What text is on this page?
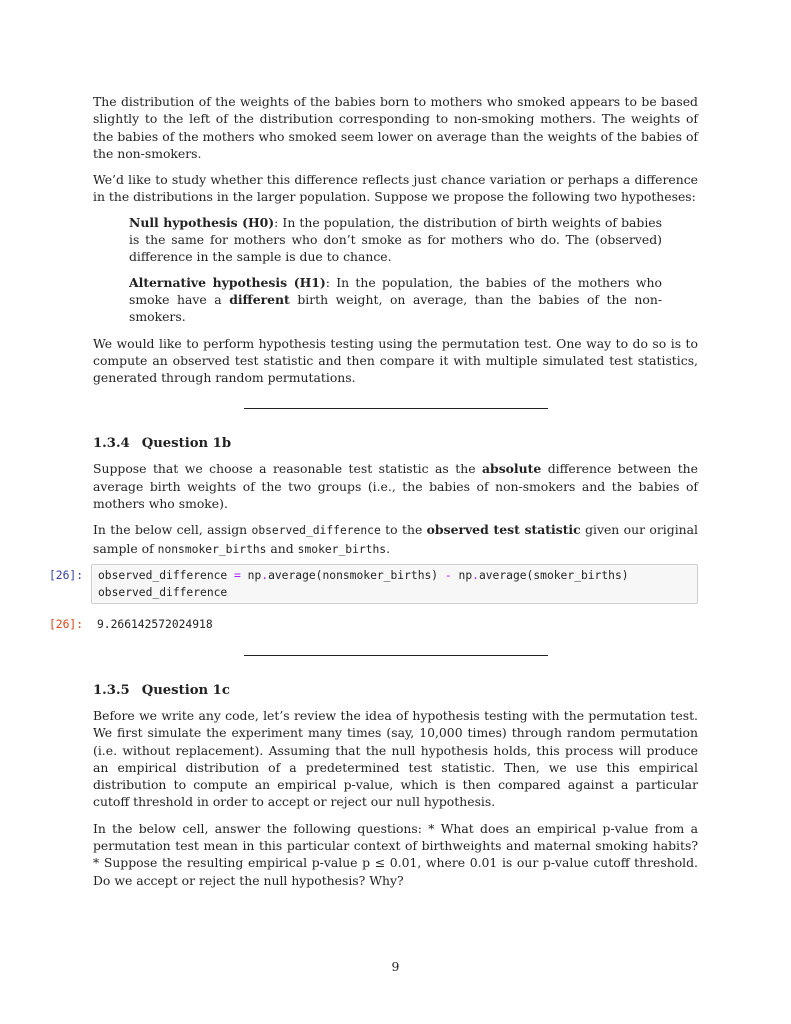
The distribution of the weights of the babies born to mothers who smoked appears to be based slightly to the left of the distribution corresponding to non-smoking mothers. The weights of the babies of the mothers who smoked seem lower on average than the weights of the babies of the non-smokers.

We’d like to study whether this difference reflects just chance variation or perhaps a difference in the distributions in the larger population. Suppose we propose the following two hypotheses:

Null hypothesis (H0): In the population, the distribution of birth weights of babies is the same for mothers who don’t smoke as for mothers who do. The (observed) difference in the sample is due to chance.

Alternative hypothesis (H1): In the population, the babies of the mothers who smoke have a different birth weight, on average, than the babies of the non-smokers.

We would like to perform hypothesis testing using the permutation test. One way to do so is to compute an observed test statistic and then compare it with multiple simulated test statistics, generated through random permutations.

1.3.4 Question 1b

Suppose that we choose a reasonable test statistic as the absolute difference between the average birth weights of the two groups (i.e., the babies of non-smokers and the babies of mothers who smoke).

In the below cell, assign observed_difference to the observed test statistic given our original sample of nonsmoker_births and smoker_births.

[26]:	observed_difference = np.average(nonsmoker_births) - np.average(smoker_births)
observed_difference
[26]:	9.266142572024918
1.3.5 Question 1c

Before we write any code, let’s review the idea of hypothesis testing with the permutation test. We first simulate the experiment many times (say, 10,000 times) through random permutation (i.e. without replacement). Assuming that the null hypothesis holds, this process will produce an empirical distribution of a predetermined test statistic. Then, we use this empirical distribution to compute an empirical p-value, which is then compared against a particular cutoff threshold in order to accept or reject our null hypothesis.

In the below cell, answer the following questions: * What does an empirical p-value from a permutation test mean in this particular context of birthweights and maternal smoking habits? * Suppose the resulting empirical p-value p ≤ 0.01, where 0.01 is our p-value cutoff threshold. Do we accept or reject the null hypothesis? Why?

9
